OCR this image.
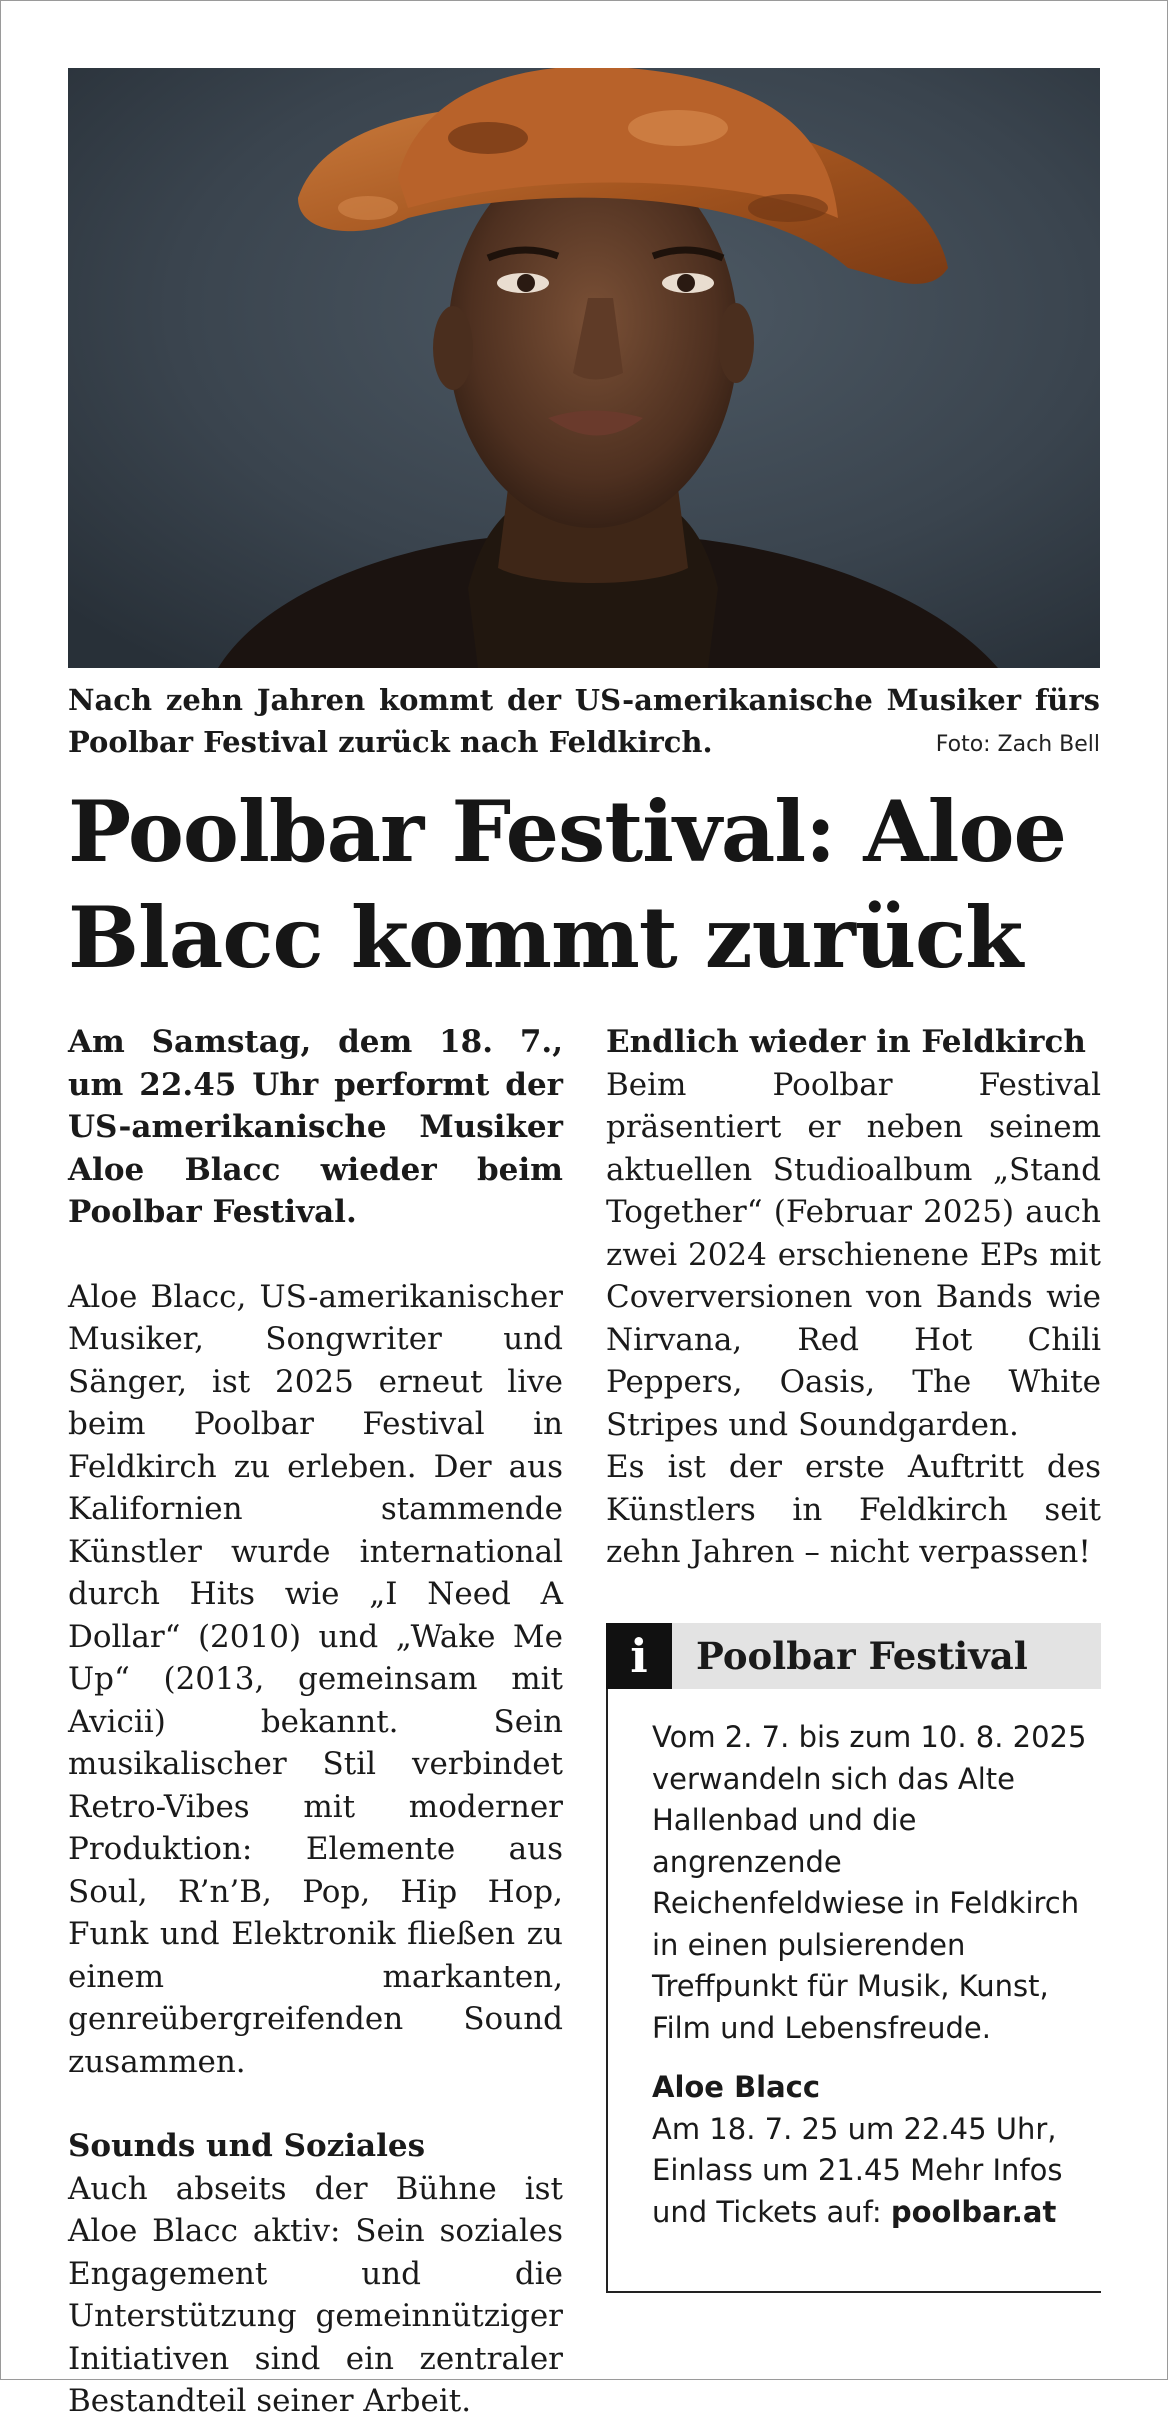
Nach zehn Jahren kommt der US-amerikanische Musiker fürs Poolbar Festival zurück nach Feldkirch.	Foto: Zach Bell
Poolbar Festival: Aloe Blacc kommt zurück

Am Samstag, dem 18. 7., um 22.45 Uhr performt der US-amerikanische Musiker Aloe Blacc wieder beim Poolbar Festival.

Aloe Blacc, US-amerikanischer Musiker, Songwriter und Sänger, ist 2025 erneut live beim Poolbar Festival in Feldkirch zu erleben. Der aus Kalifornien stammende Künstler wurde international durch Hits wie „I Need A Dollar“ (2010) und „Wake Me Up“ (2013, gemeinsam mit Avicii) bekannt. Sein musikalischer Stil verbindet Retro-Vibes mit moderner Produktion: Elemente aus Soul, R’n’B, Pop, Hip Hop, Funk und Elektronik fließen zu einem markanten, genreübergreifenden Sound zusammen.

Sounds und Soziales

Auch abseits der Bühne ist Aloe Blacc aktiv: Sein soziales Engagement und die Unterstützung gemeinnütziger Initiativen sind ein zentraler Bestandteil seiner Arbeit.

Endlich wieder in Feldkirch

Beim Poolbar Festival präsentiert er neben seinem aktuellen Studioalbum „Stand Together“ (Februar 2025) auch zwei 2024 erschienene EPs mit Coverversionen von Bands wie Nirvana, Red Hot Chili Peppers, Oasis, The White Stripes und Soundgarden.

Es ist der erste Auftritt des Künstlers in Feldkirch seit zehn Jahren – nicht verpassen!

i	Poolbar Festival

Vom 2. 7. bis zum 10. 8. 2025 verwandeln sich das Alte Hallenbad und die angrenzende Reichenfeldwiese in Feldkirch in einen pulsierenden Treffpunkt für Musik, Kunst, Film und Lebensfreude.

Aloe Blacc

Am 18. 7. 25 um 22.45 Uhr, Einlass um 21.45 Mehr Infos und Tickets auf: poolbar.at
